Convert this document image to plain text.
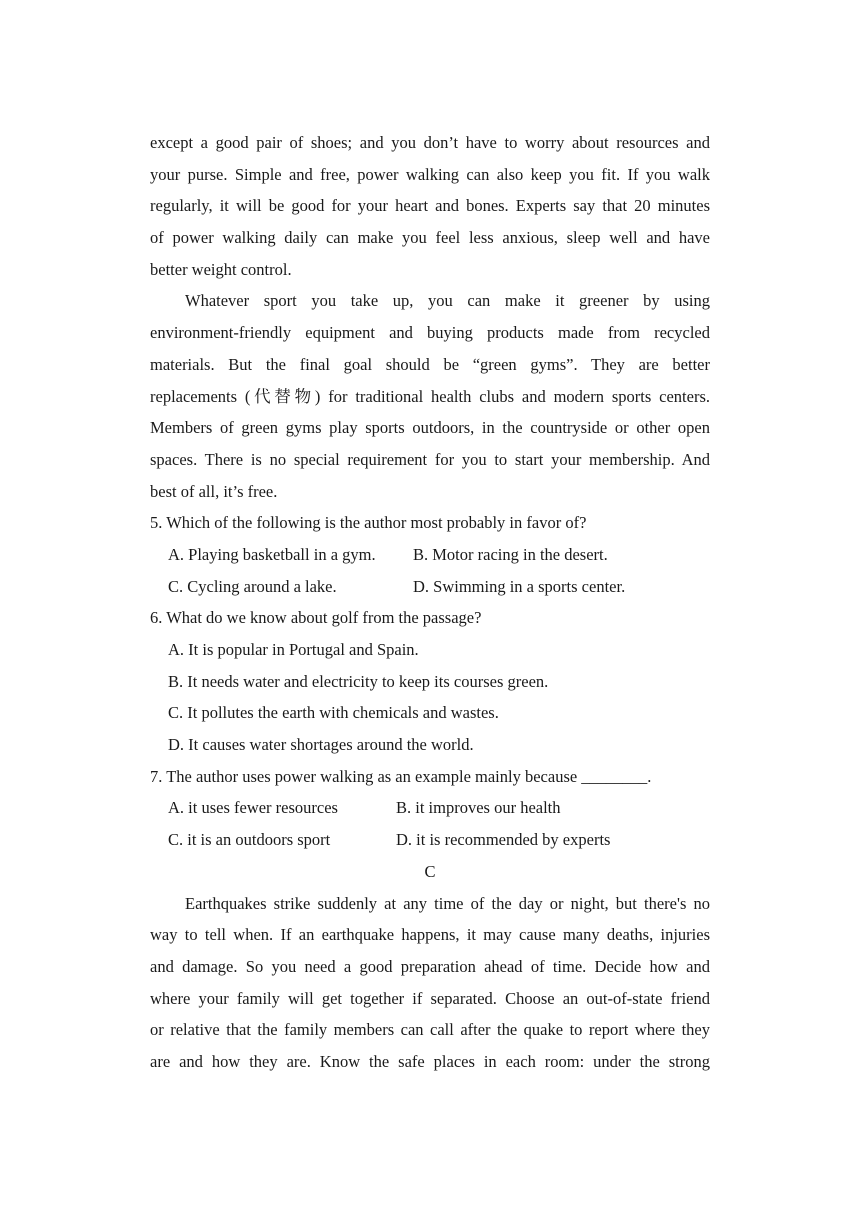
except a good pair of shoes; and you don’t have to worry about resources and
your purse. Simple and free, power walking can also keep you fit. If you walk
regularly, it will be good for your heart and bones. Experts say that 20 minutes
of power walking daily can make you feel less anxious, sleep well and have
better weight control.
Whatever sport you take up, you can make it greener by using
environment-friendly equipment and buying products made from recycled
materials. But the final goal should be “green gyms”. They are better
replacements (代替物) for traditional health clubs and modern sports centers.
Members of green gyms play sports outdoors, in the countryside or other open
spaces. There is no special requirement for you to start your membership. And
best of all, it’s free.
5. Which of the following is the author most probably in favor of?
A. Playing basketball in a gym.	B. Motor racing in the desert.
C. Cycling around a lake.	D. Swimming in a sports center.
6. What do we know about golf from the passage?
A. It is popular in Portugal and Spain.
B. It needs water and electricity to keep its courses green.
C. It pollutes the earth with chemicals and wastes.
D. It causes water shortages around the world.
7. The author uses power walking as an example mainly because ________.
A. it uses fewer resources	B. it improves our health
C. it is an outdoors sport	D. it is recommended by experts
C
Earthquakes strike suddenly at any time of the day or night, but there's no
way to tell when. If an earthquake happens, it may cause many deaths, injuries
and damage. So you need a good preparation ahead of time. Decide how and
where your family will get together if separated. Choose an out-of-state friend
or relative that the family members can call after the quake to report where they
are and how they are. Know the safe places in each room: under the strong
